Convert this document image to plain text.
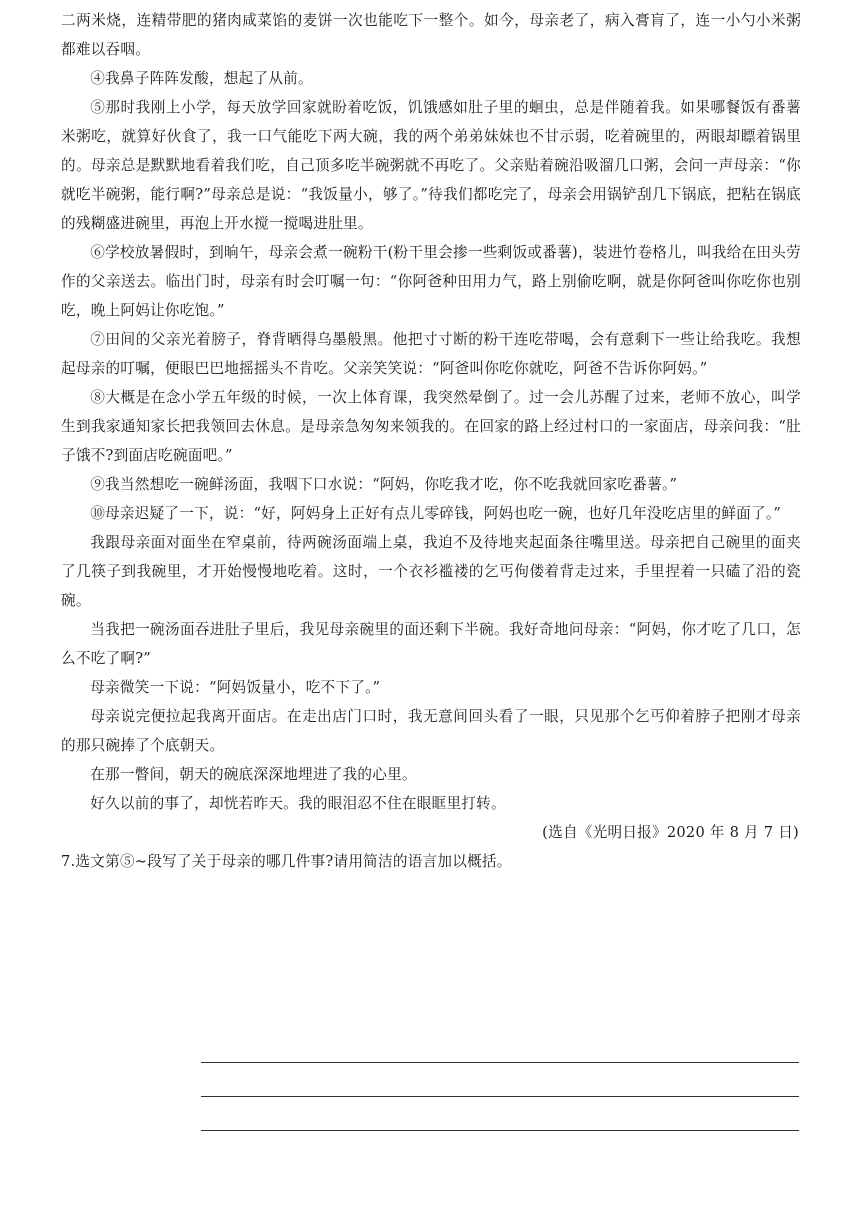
二两米烧，连精带肥的猪肉咸菜馅的麦饼一次也能吃下一整个。如今，母亲老了，病入膏肓了，连一小勺小米粥都难以吞咽。

④我鼻子阵阵发酸，想起了从前。

⑤那时我刚上小学，每天放学回家就盼着吃饭，饥饿感如肚子里的蛔虫，总是伴随着我。如果哪餐饭有番薯米粥吃，就算好伙食了，我一口气能吃下两大碗，我的两个弟弟妹妹也不甘示弱，吃着碗里的，两眼却瞟着锅里的。母亲总是默默地看着我们吃，自己顶多吃半碗粥就不再吃了。父亲贴着碗沿吸溜几口粥，会问一声母亲：“你就吃半碗粥，能行啊?”母亲总是说：“我饭量小，够了。”待我们都吃完了，母亲会用锅铲刮几下锅底，把粘在锅底的残糊盛进碗里，再泡上开水搅一搅喝进肚里。

⑥学校放暑假时，到晌午，母亲会煮一碗粉干(粉干里会掺一些剩饭或番薯)，装进竹卷格儿，叫我给在田头劳作的父亲送去。临出门时，母亲有时会叮嘱一句：“你阿爸种田用力气，路上别偷吃啊，就是你阿爸叫你吃你也别吃，晚上阿妈让你吃饱。”

⑦田间的父亲光着膀子，脊背晒得乌墨般黑。他把寸寸断的粉干连吃带喝，会有意剩下一些让给我吃。我想起母亲的叮嘱，便眼巴巴地摇摇头不肯吃。父亲笑笑说：“阿爸叫你吃你就吃，阿爸不告诉你阿妈。”

⑧大概是在念小学五年级的时候，一次上体育课，我突然晕倒了。过一会儿苏醒了过来，老师不放心，叫学生到我家通知家长把我领回去休息。是母亲急匆匆来领我的。在回家的路上经过村口的一家面店，母亲问我：“肚子饿不?到面店吃碗面吧。”

⑨我当然想吃一碗鲜汤面，我咽下口水说：“阿妈，你吃我才吃，你不吃我就回家吃番薯。”

⑩母亲迟疑了一下，说：“好，阿妈身上正好有点儿零碎钱，阿妈也吃一碗，也好几年没吃店里的鲜面了。”

我跟母亲面对面坐在窄桌前，待两碗汤面端上桌，我迫不及待地夹起面条往嘴里送。母亲把自己碗里的面夹了几筷子到我碗里，才开始慢慢地吃着。这时，一个衣衫褴褛的乞丐佝偻着背走过来，手里捏着一只磕了沿的瓷碗。

当我把一碗汤面吞进肚子里后，我见母亲碗里的面还剩下半碗。我好奇地问母亲：“阿妈，你才吃了几口，怎么不吃了啊?”

母亲微笑一下说：“阿妈饭量小，吃不下了。”

母亲说完便拉起我离开面店。在走出店门口时，我无意间回头看了一眼，只见那个乞丐仰着脖子把刚才母亲的那只碗捧了个底朝天。

在那一瞥间，朝天的碗底深深地埋进了我的心里。

好久以前的事了，却恍若昨天。我的眼泪忍不住在眼眶里打转。

(选自《光明日报》2020 年 8 月 7 日)

7.选文第⑤~段写了关于母亲的哪几件事?请用简洁的语言加以概括。
